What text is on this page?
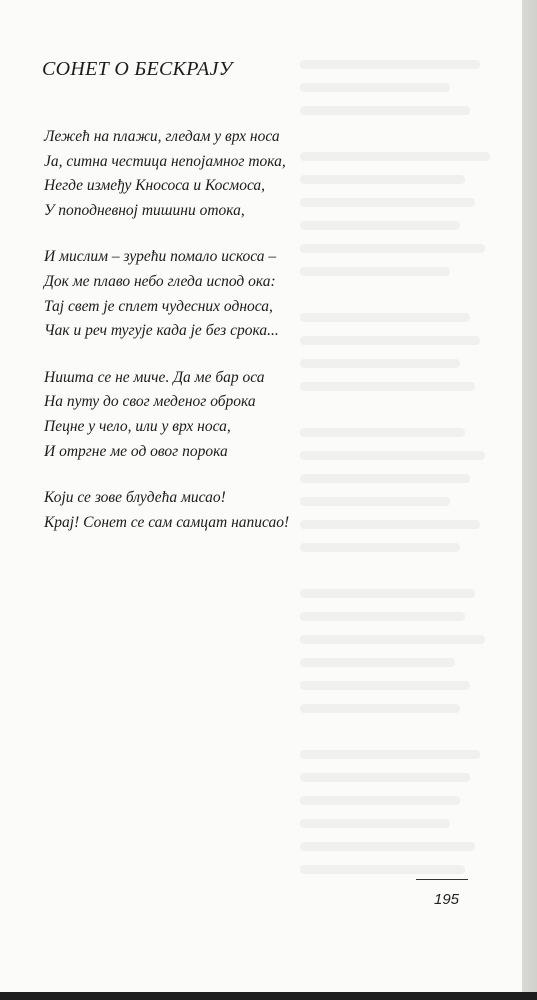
СОНЕТ О БЕСКРАЈУ
Лежећ на плажи, гледам у врх носа
Ја, ситна честица непојамног тока,
Негде између Кнососа и Космоса,
У поподневној тишини отока,
И мислим – зурећи помало искоса –
Док ме плаво небо гледа испод ока:
Тај свет је сплет чудесних односа,
Чак и реч тугује када је без срока...
Ништа се не миче. Да ме бар оса
На путу до свог меденог оброка
Пецне у чело, или у врх носа,
И отргне ме од овог порока
Који се зове блудећа мисао!
Крај! Сонет се сам самцат написао!
195
